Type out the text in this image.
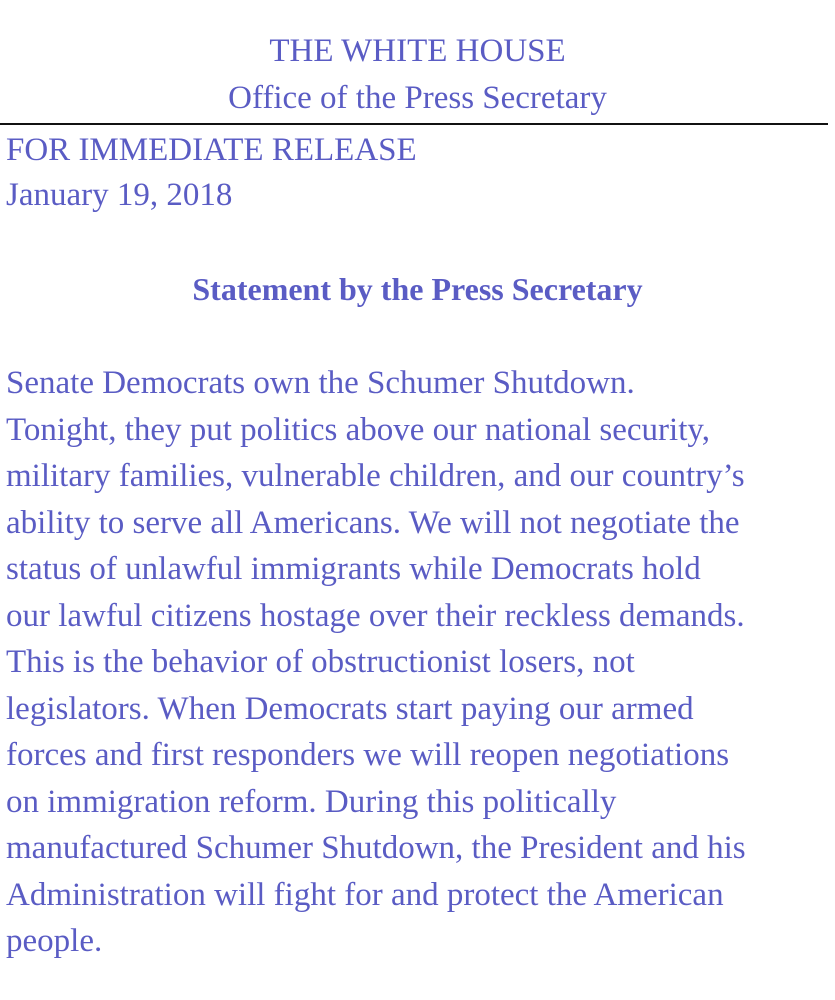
THE WHITE HOUSE
Office of the Press Secretary
FOR IMMEDIATE RELEASE
January 19, 2018
Statement by the Press Secretary
Senate Democrats own the Schumer Shutdown.
Tonight, they put politics above our national security,
military families, vulnerable children, and our country’s
ability to serve all Americans. We will not negotiate the
status of unlawful immigrants while Democrats hold
our lawful citizens hostage over their reckless demands.
This is the behavior of obstructionist losers, not
legislators. When Democrats start paying our armed
forces and first responders we will reopen negotiations
on immigration reform. During this politically
manufactured Schumer Shutdown, the President and his
Administration will fight for and protect the American
people.
